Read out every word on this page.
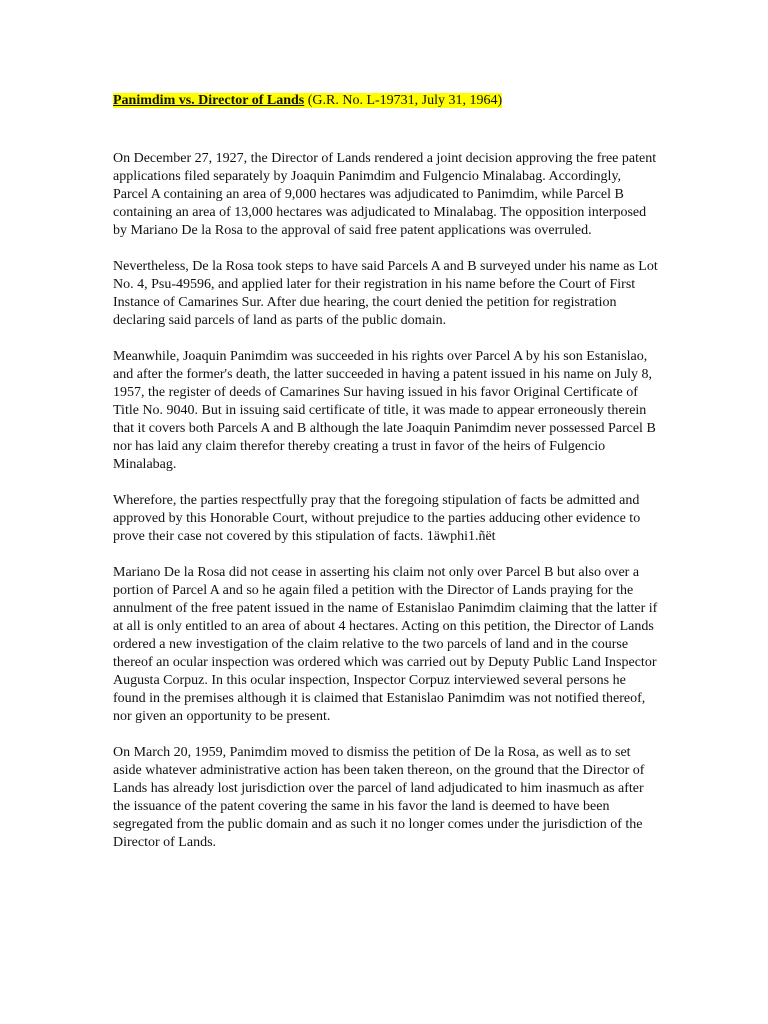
Panimdim vs. Director of Lands (G.R. No. L-19731, July 31, 1964)

On December 27, 1927, the Director of Lands rendered a joint decision approving the free patent applications filed separately by Joaquin Panimdim and Fulgencio Minalabag. Accordingly, Parcel A containing an area of 9,000 hectares was adjudicated to Panimdim, while Parcel B containing an area of 13,000 hectares was adjudicated to Minalabag. The opposition interposed by Mariano De la Rosa to the approval of said free patent applications was overruled.

Nevertheless, De la Rosa took steps to have said Parcels A and B surveyed under his name as Lot No. 4, Psu-49596, and applied later for their registration in his name before the Court of First Instance of Camarines Sur. After due hearing, the court denied the petition for registration declaring said parcels of land as parts of the public domain.

Meanwhile, Joaquin Panimdim was succeeded in his rights over Parcel A by his son Estanislao, and after the former's death, the latter succeeded in having a patent issued in his name on July 8, 1957, the register of deeds of Camarines Sur having issued in his favor Original Certificate of Title No. 9040. But in issuing said certificate of title, it was made to appear erroneously therein that it covers both Parcels A and B although the late Joaquin Panimdim never possessed Parcel B nor has laid any claim therefor thereby creating a trust in favor of the heirs of Fulgencio Minalabag.

Wherefore, the parties respectfully pray that the foregoing stipulation of facts be admitted and approved by this Honorable Court, without prejudice to the parties adducing other evidence to prove their case not covered by this stipulation of facts. 1äwphi1.ñët

Mariano De la Rosa did not cease in asserting his claim not only over Parcel B but also over a portion of Parcel A and so he again filed a petition with the Director of Lands praying for the annulment of the free patent issued in the name of Estanislao Panimdim claiming that the latter if at all is only entitled to an area of about 4 hectares. Acting on this petition, the Director of Lands ordered a new investigation of the claim relative to the two parcels of land and in the course thereof an ocular inspection was ordered which was carried out by Deputy Public Land Inspector Augusta Corpuz. In this ocular inspection, Inspector Corpuz interviewed several persons he found in the premises although it is claimed that Estanislao Panimdim was not notified thereof, nor given an opportunity to be present.

On March 20, 1959, Panimdim moved to dismiss the petition of De la Rosa, as well as to set aside whatever administrative action has been taken thereon, on the ground that the Director of Lands has already lost jurisdiction over the parcel of land adjudicated to him inasmuch as after the issuance of the patent covering the same in his favor the land is deemed to have been segregated from the public domain and as such it no longer comes under the jurisdiction of the Director of Lands.
